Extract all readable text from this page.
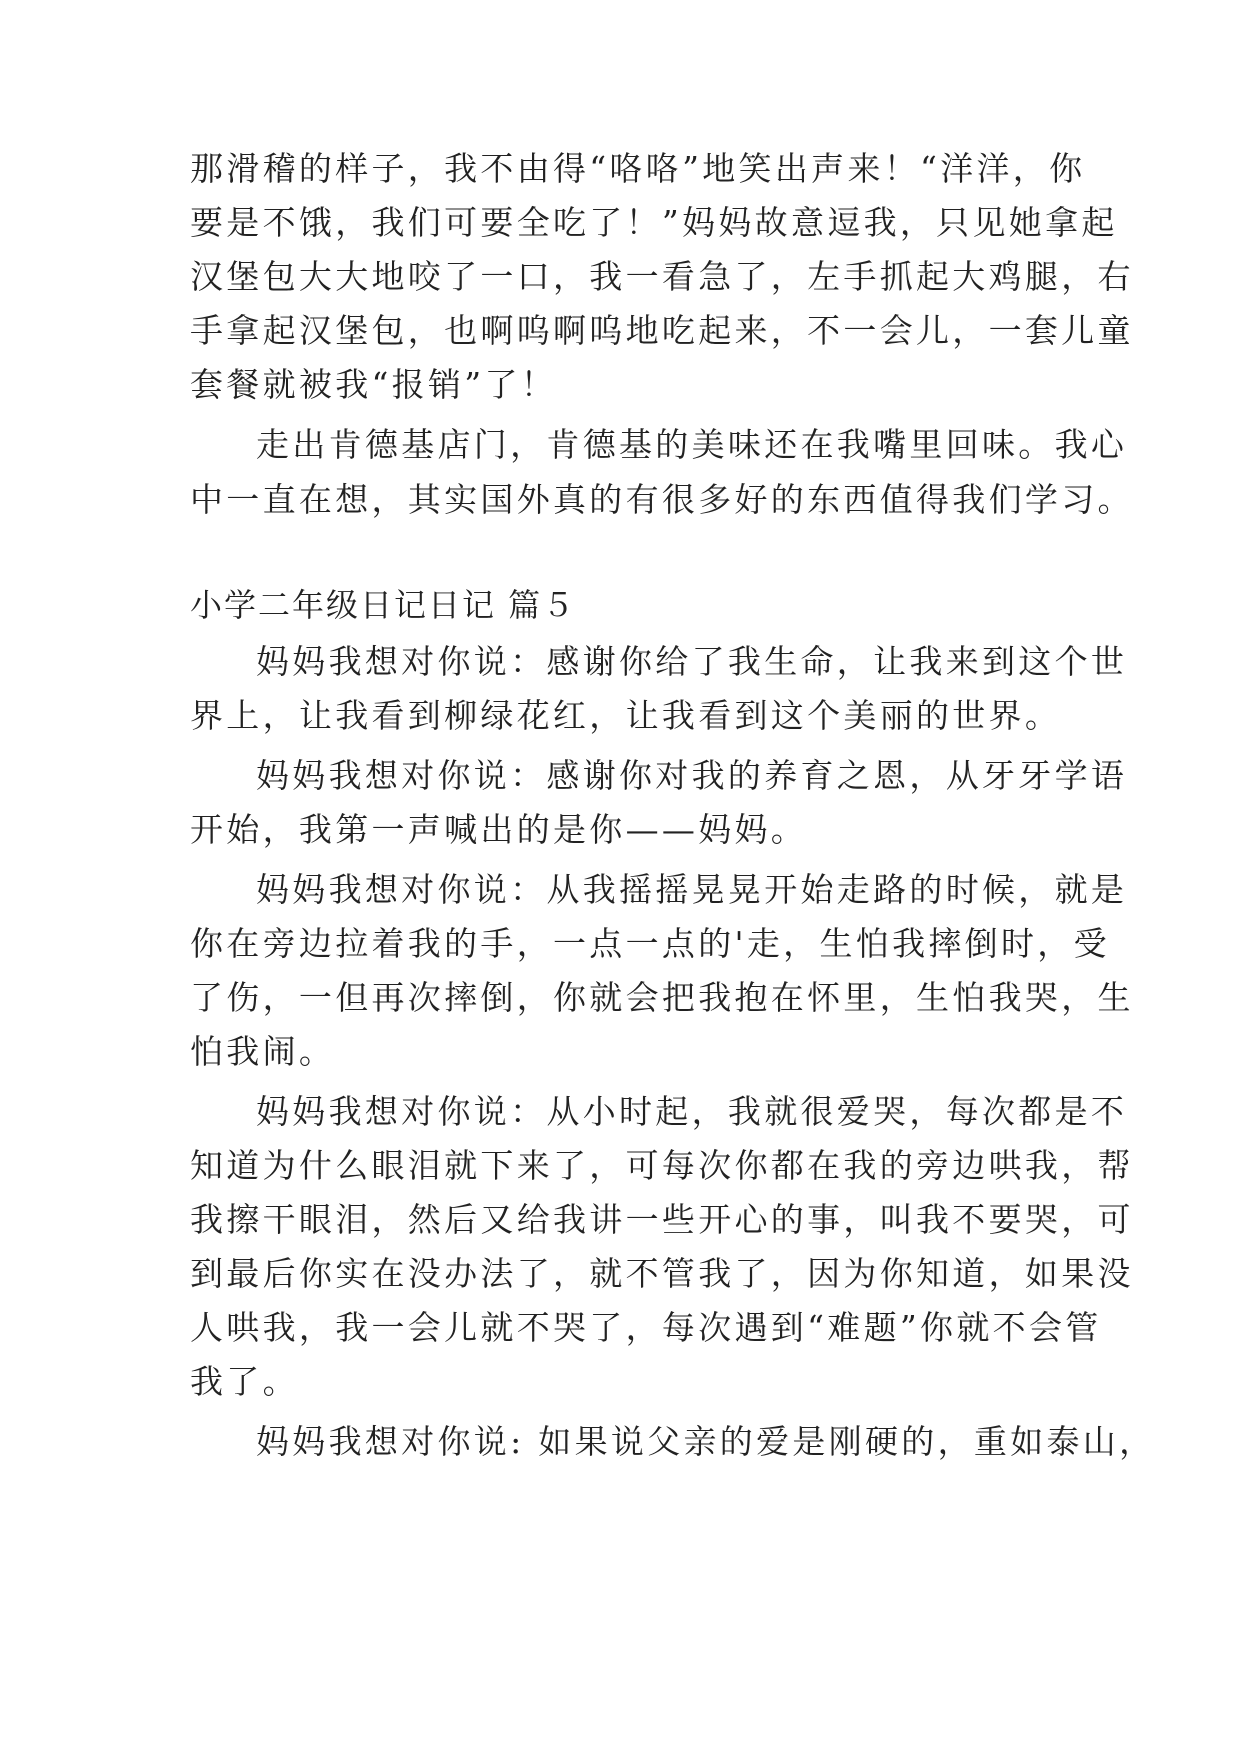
那滑稽的样子，我不由得“咯咯”地笑出声来！“洋洋，你
要是不饿，我们可要全吃了！”妈妈故意逗我，只见她拿起
汉堡包大大地咬了一口，我一看急了，左手抓起大鸡腿，右
手拿起汉堡包，也啊呜啊呜地吃起来，不一会儿，一套儿童
套餐就被我“报销”了！
走出肯德基店门，肯德基的美味还在我嘴里回味。我心
中一直在想，其实国外真的有很多好的东西值得我们学习。
小学二年级日记日记 篇５
妈妈我想对你说：感谢你给了我生命，让我来到这个世
界上，让我看到柳绿花红，让我看到这个美丽的世界。
妈妈我想对你说：感谢你对我的养育之恩，从牙牙学语
开始，我第一声喊出的是你——妈妈。
妈妈我想对你说：从我摇摇晃晃开始走路的时候，就是
你在旁边拉着我的手，一点一点的'走，生怕我摔倒时，受
了伤，一但再次摔倒，你就会把我抱在怀里，生怕我哭，生
怕我闹。
妈妈我想对你说：从小时起，我就很爱哭，每次都是不
知道为什么眼泪就下来了，可每次你都在我的旁边哄我，帮
我擦干眼泪，然后又给我讲一些开心的事，叫我不要哭，可
到最后你实在没办法了，就不管我了，因为你知道，如果没
人哄我，我一会儿就不哭了，每次遇到“难题”你就不会管
我了。
妈妈我想对你说: 如果说父亲的爱是刚硬的，重如泰山，
